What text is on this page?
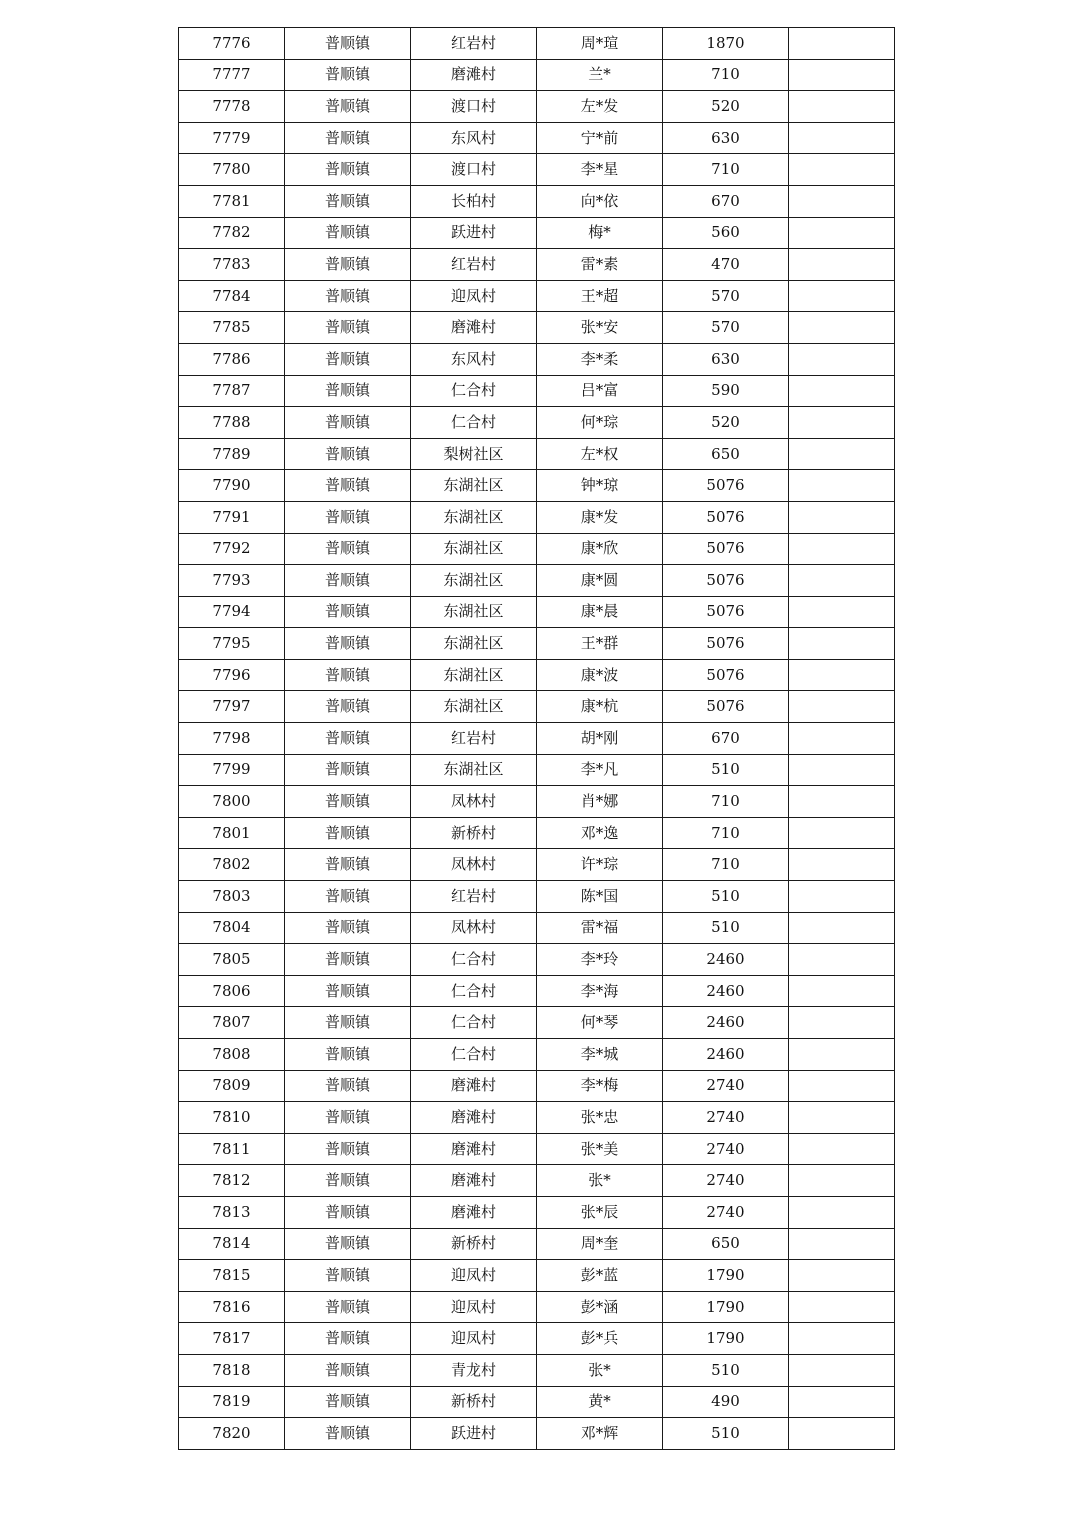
7776	普顺镇	红岩村	周*瑄	1870	
7777	普顺镇	磨滩村	兰*	710	
7778	普顺镇	渡口村	左*发	520	
7779	普顺镇	东风村	宁*前	630	
7780	普顺镇	渡口村	李*星	710	
7781	普顺镇	长柏村	向*依	670	
7782	普顺镇	跃进村	梅*	560	
7783	普顺镇	红岩村	雷*素	470	
7784	普顺镇	迎凤村	王*超	570	
7785	普顺镇	磨滩村	张*安	570	
7786	普顺镇	东风村	李*柔	630	
7787	普顺镇	仁合村	吕*富	590	
7788	普顺镇	仁合村	何*琮	520	
7789	普顺镇	梨树社区	左*权	650	
7790	普顺镇	东湖社区	钟*琼	5076	
7791	普顺镇	东湖社区	康*发	5076	
7792	普顺镇	东湖社区	康*欣	5076	
7793	普顺镇	东湖社区	康*圆	5076	
7794	普顺镇	东湖社区	康*晨	5076	
7795	普顺镇	东湖社区	王*群	5076	
7796	普顺镇	东湖社区	康*波	5076	
7797	普顺镇	东湖社区	康*杭	5076	
7798	普顺镇	红岩村	胡*刚	670	
7799	普顺镇	东湖社区	李*凡	510	
7800	普顺镇	凤林村	肖*娜	710	
7801	普顺镇	新桥村	邓*逸	710	
7802	普顺镇	凤林村	许*琮	710	
7803	普顺镇	红岩村	陈*国	510	
7804	普顺镇	凤林村	雷*福	510	
7805	普顺镇	仁合村	李*玲	2460	
7806	普顺镇	仁合村	李*海	2460	
7807	普顺镇	仁合村	何*琴	2460	
7808	普顺镇	仁合村	李*城	2460	
7809	普顺镇	磨滩村	李*梅	2740	
7810	普顺镇	磨滩村	张*忠	2740	
7811	普顺镇	磨滩村	张*美	2740	
7812	普顺镇	磨滩村	张*	2740	
7813	普顺镇	磨滩村	张*辰	2740	
7814	普顺镇	新桥村	周*奎	650	
7815	普顺镇	迎凤村	彭*蓝	1790	
7816	普顺镇	迎凤村	彭*涵	1790	
7817	普顺镇	迎凤村	彭*兵	1790	
7818	普顺镇	青龙村	张*	510	
7819	普顺镇	新桥村	黄*	490	
7820	普顺镇	跃进村	邓*辉	510	
